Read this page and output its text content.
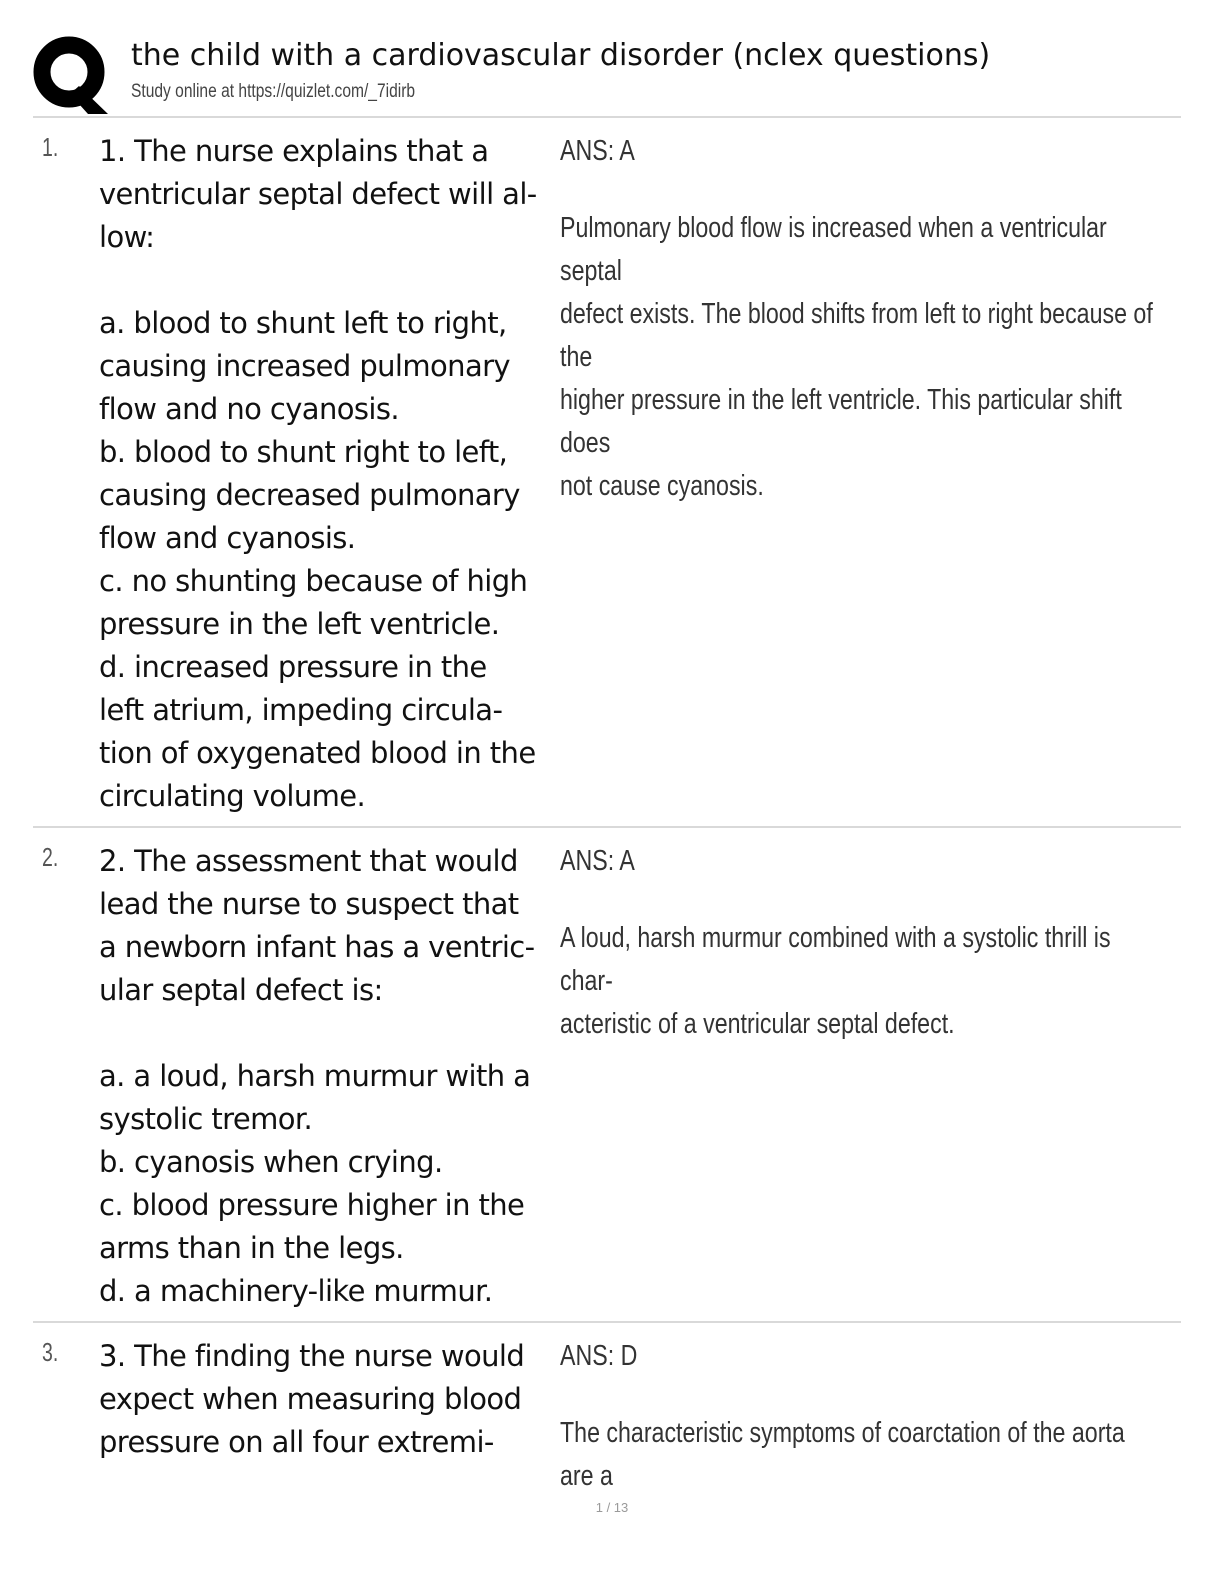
the child with a cardiovascular disorder (nclex questions)
Study online at https://quizlet.com/_7idirb
1. 1. The nurse explains that a

ventricular septal defect will al-

low:

a. blood to shunt left to right,

causing increased pulmonary

flow and no cyanosis.

b. blood to shunt right to left,

causing decreased pulmonary

flow and cyanosis.

c. no shunting because of high

pressure in the left ventricle.

d. increased pressure in the

left atrium, impeding circula-

tion of oxygenated blood in the

circulating volume.

ANS: A

Pulmonary blood flow is increased when a ventricular septal

defect exists. The blood shifts from left to right because of the

higher pressure in the left ventricle. This particular shift does

not cause cyanosis.

2. 2. The assessment that would

lead the nurse to suspect that

a newborn infant has a ventric-

ular septal defect is:

a. a loud, harsh murmur with a

systolic tremor.

b. cyanosis when crying.

c. blood pressure higher in the

arms than in the legs.

d. a machinery-like murmur.

ANS: A

A loud, harsh murmur combined with a systolic thrill is char-

acteristic of a ventricular septal defect.

3. 3. The finding the nurse would

expect when measuring blood

pressure on all four extremi-

ANS: D

The characteristic symptoms of coarctation of the aorta are a

1 / 13
